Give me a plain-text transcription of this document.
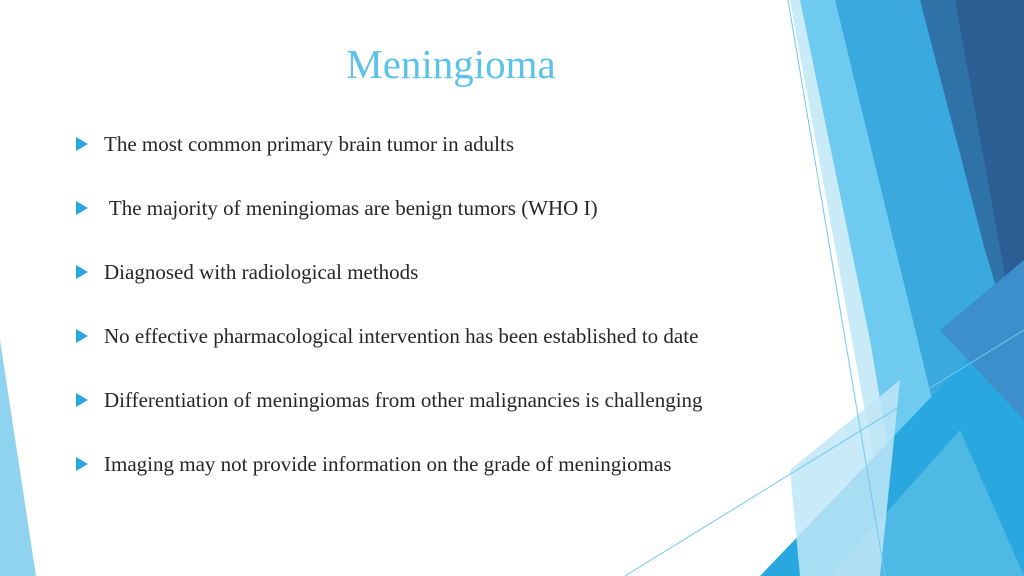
Meningioma
The most common primary brain tumor in adults
The majority of meningiomas are benign tumors (WHO I)
Diagnosed with radiological methods
No effective pharmacological intervention has been established to date
Differentiation of meningiomas from other malignancies is challenging
Imaging may not provide information on the grade of meningiomas
